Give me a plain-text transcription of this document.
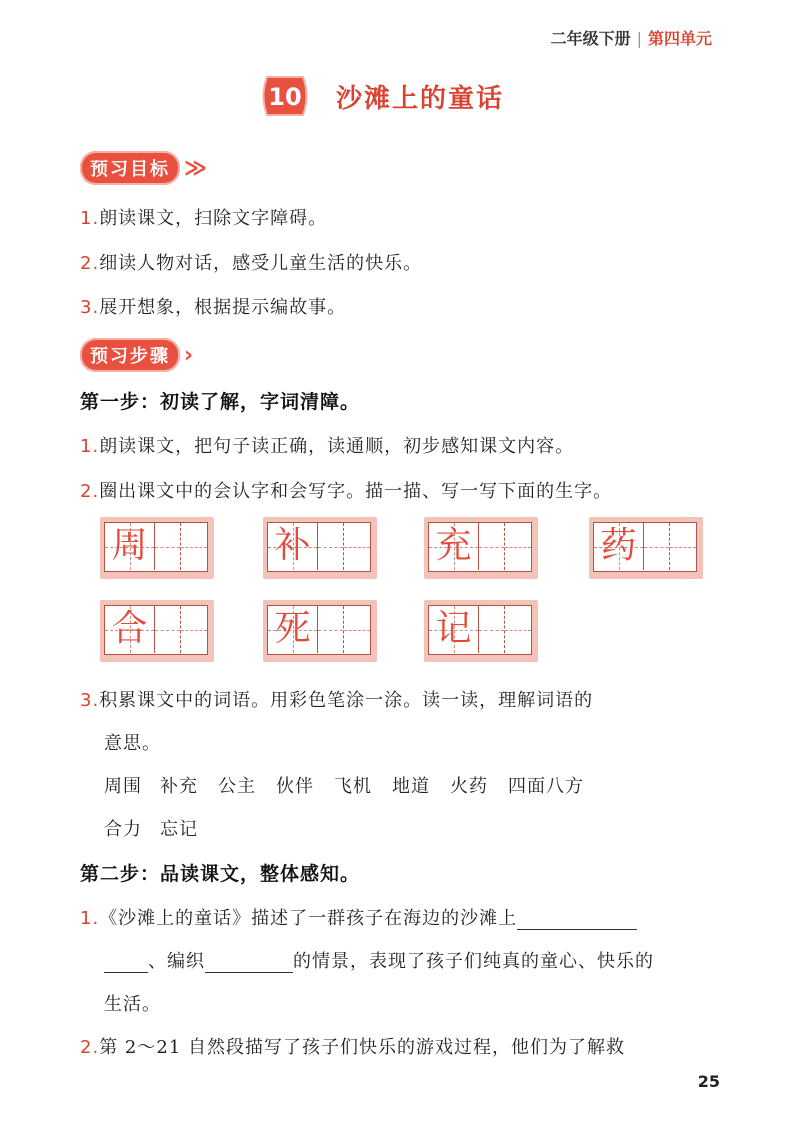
二年级下册 | 第四单元
10 沙滩上的童话
预习目标 ≫
1.朗读课文，扫除文字障碍。
2.细读人物对话，感受儿童生活的快乐。
3.展开想象，根据提示编故事。
预习步骤 ›
第一步：初读了解，字词清障。
1.朗读课文，把句子读正确，读通顺，初步感知课文内容。
2.圈出课文中的会认字和会写字。描一描、写一写下面的生字。
周	补	充	药
合	死	记
3.积累课文中的词语。用彩色笔涂一涂。读一读，理解词语的
意思。
周围 补充 公主 伙伴 飞机 地道 火药 四面八方
合力 忘记
第二步：品读课文，整体感知。
1.《沙滩上的童话》描述了一群孩子在海边的沙滩上
、编织	的情景，表现了孩子们纯真的童心、快乐的
生活。
2.第 2～21 自然段描写了孩子们快乐的游戏过程，他们为了解救
25
